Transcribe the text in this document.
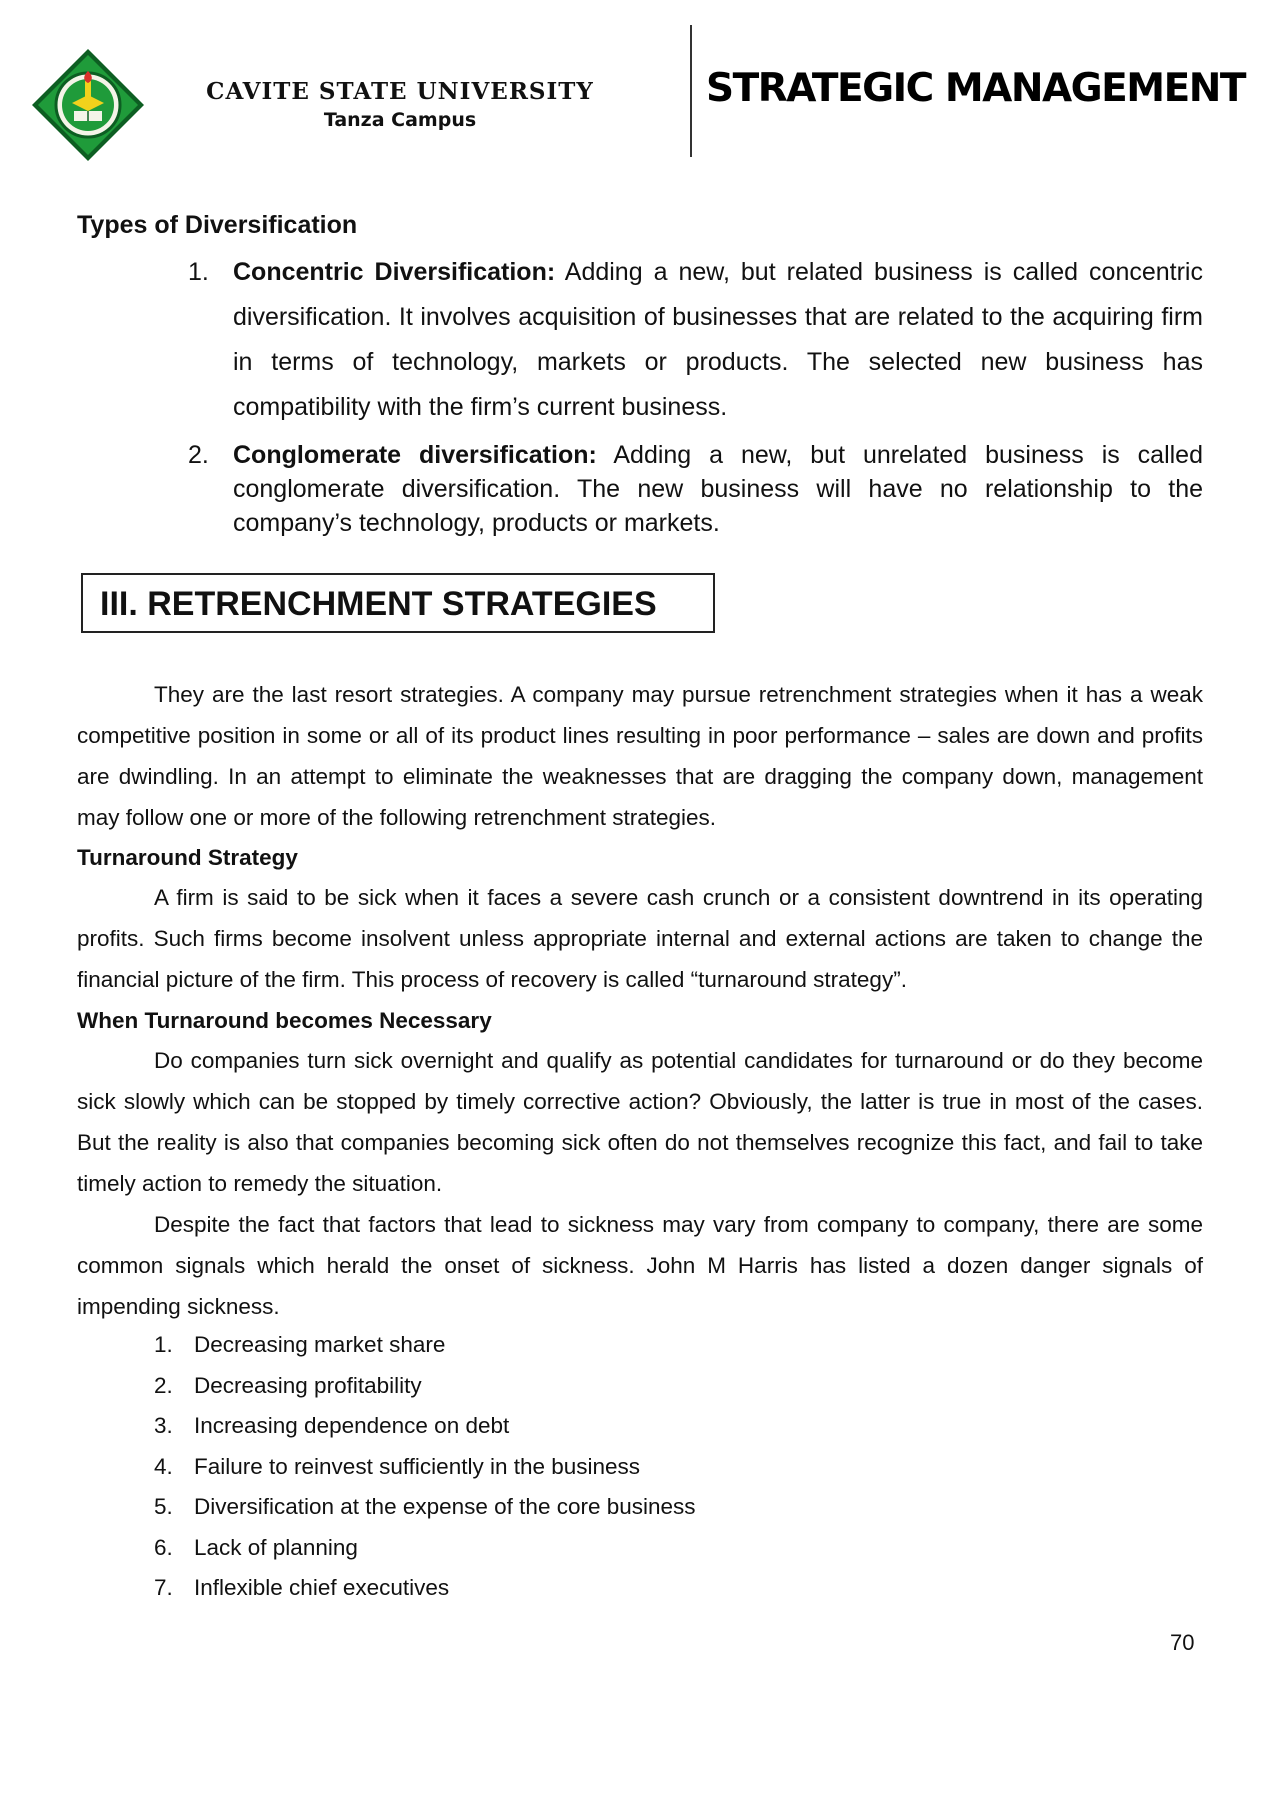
CAVITE STATE UNIVERSITY
Tanza Campus
STRATEGIC MANAGEMENT
Types of Diversification
1. Concentric Diversification: Adding a new, but related business is called concentric diversification. It involves acquisition of businesses that are related to the acquiring firm in terms of technology, markets or products. The selected new business has compatibility with the firm’s current business.
2. Conglomerate diversification: Adding a new, but unrelated business is called conglomerate diversification. The new business will have no relationship to the company’s technology, products or markets.
III. RETRENCHMENT STRATEGIES

They are the last resort strategies. A company may pursue retrenchment strategies when it has a weak competitive position in some or all of its product lines resulting in poor performance – sales are down and profits are dwindling. In an attempt to eliminate the weaknesses that are dragging the company down, management may follow one or more of the following retrenchment strategies.

Turnaround Strategy

A firm is said to be sick when it faces a severe cash crunch or a consistent downtrend in its operating profits. Such firms become insolvent unless appropriate internal and external actions are taken to change the financial picture of the firm. This process of recovery is called “turnaround strategy”.

When Turnaround becomes Necessary

Do companies turn sick overnight and qualify as potential candidates for turnaround or do they become sick slowly which can be stopped by timely corrective action? Obviously, the latter is true in most of the cases. But the reality is also that companies becoming sick often do not themselves recognize this fact, and fail to take timely action to remedy the situation.

Despite the fact that factors that lead to sickness may vary from company to company, there are some common signals which herald the onset of sickness. John M Harris has listed a dozen danger signals of impending sickness.

1. Decreasing market share
2. Decreasing profitability
3. Increasing dependence on debt
4. Failure to reinvest sufficiently in the business
5. Diversification at the expense of the core business
6. Lack of planning
7. Inflexible chief executives
70
